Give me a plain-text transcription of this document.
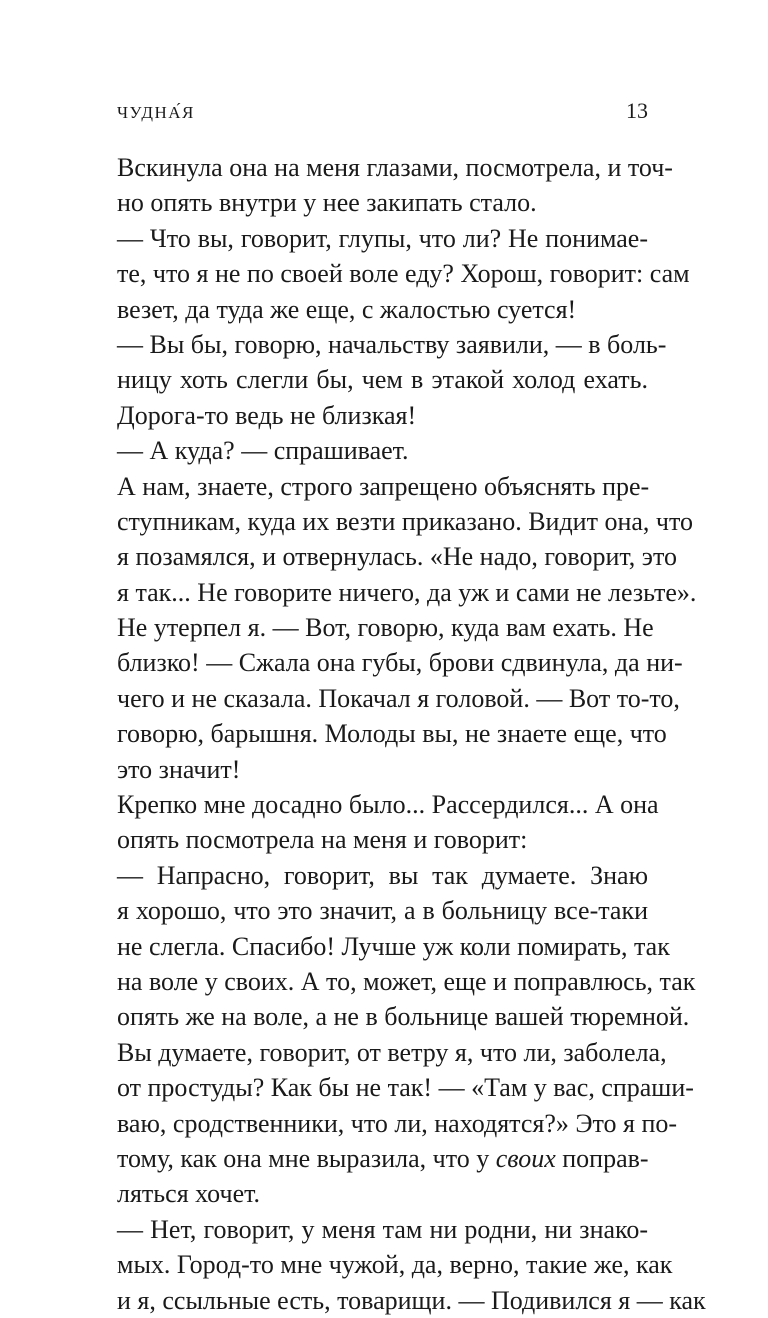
ЧУДНА́Я	13
Вскинула она на меня глазами, посмотрела, и точ-
но опять внутри у нее закипать стало.
— Что вы, говорит, глупы, что ли? Не понимае-
те, что я не по своей воле еду? Хорош, говорит: сам
везет, да туда же еще, с жалостью суется!
— Вы бы, говорю, начальству заявили, — в боль-
ницу хоть слегли бы, чем в этакой холод ехать.
Дорога-то ведь не близкая!
— А куда? — спрашивает.
А нам, знаете, строго запрещено объяснять пре-
ступникам, куда их везти приказано. Видит она, что
я позамялся, и отвернулась. «Не надо, говорит, это
я так... Не говорите ничего, да уж и сами не лезьте».
Не утерпел я. — Вот, говорю, куда вам ехать. Не
близко! — Сжала она губы, брови сдвинула, да ни-
чего и не сказала. Покачал я головой. — Вот то-то,
говорю, барышня. Молоды вы, не знаете еще, что
это значит!
Крепко мне досадно было... Рассердился... А она
опять посмотрела на меня и говорит:
— Напрасно, говорит, вы так думаете. Знаю
я хорошо, что это значит, а в больницу все-таки
не слегла. Спасибо! Лучше уж коли помирать, так
на воле у своих. А то, может, еще и поправлюсь, так
опять же на воле, а не в больнице вашей тюремной.
Вы думаете, говорит, от ветру я, что ли, заболела,
от простуды? Как бы не так! — «Там у вас, спраши-
ваю, сродственники, что ли, находятся?» Это я по-
тому, как она мне выразила, что у своих поправ-
ляться хочет.
— Нет, говорит, у меня там ни родни, ни знако-
мых. Город-то мне чужой, да, верно, такие же, как
и я, ссыльные есть, товарищи. — Подивился я — как
